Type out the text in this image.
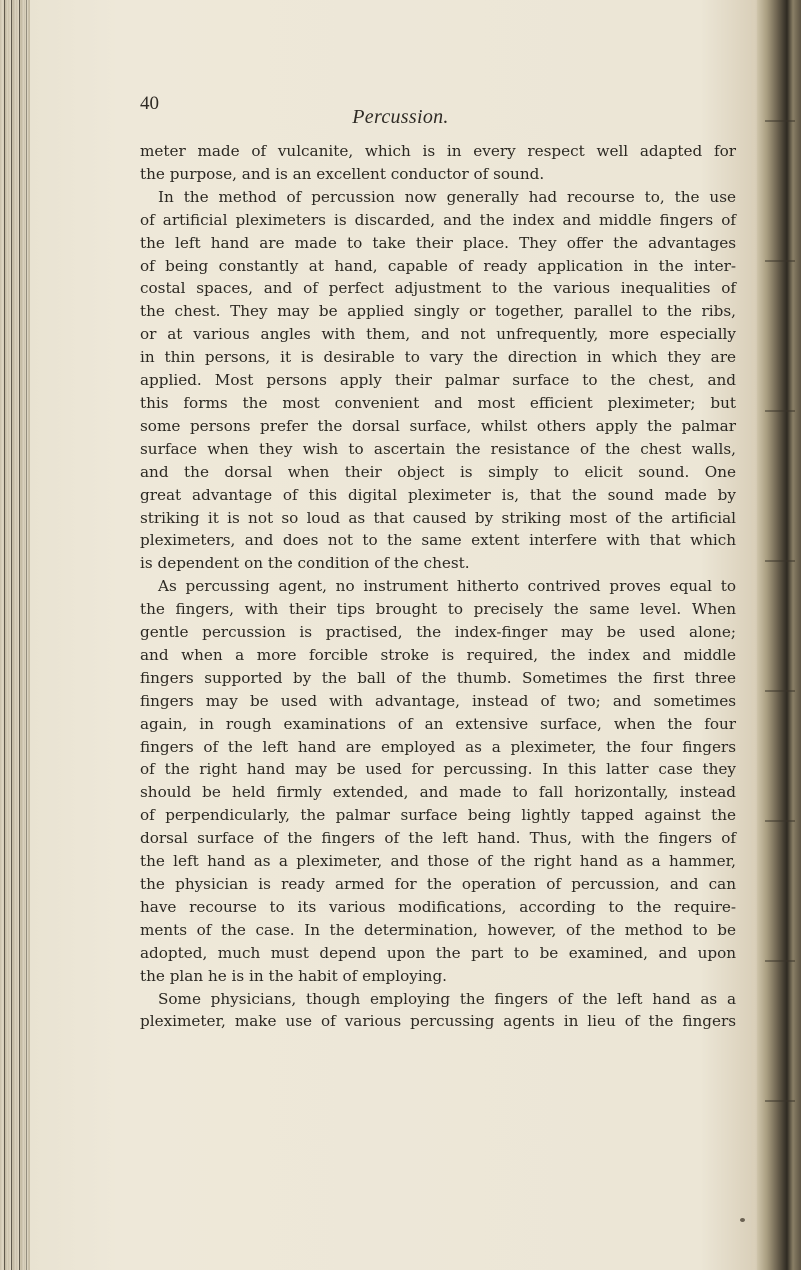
40

Percussion.

meter made of vulcanite, which is in every respect well adapted for
the purpose, and is an excellent conductor of sound.
In the method of percussion now generally had recourse to, the use
of artificial pleximeters is discarded, and the index and middle fingers of
the left hand are made to take their place. They offer the advantages
of being constantly at hand, capable of ready application in the inter-
costal spaces, and of perfect adjustment to the various inequalities of
the chest. They may be applied singly or together, parallel to the ribs,
or at various angles with them, and not unfrequently, more especially
in thin persons, it is desirable to vary the direction in which they are
applied. Most persons apply their palmar surface to the chest, and
this forms the most convenient and most efficient pleximeter; but
some persons prefer the dorsal surface, whilst others apply the palmar
surface when they wish to ascertain the resistance of the chest walls,
and the dorsal when their object is simply to elicit sound. One
great advantage of this digital pleximeter is, that the sound made by
striking it is not so loud as that caused by striking most of the artificial
pleximeters, and does not to the same extent interfere with that which
is dependent on the condition of the chest.
As percussing agent, no instrument hitherto contrived proves equal to
the fingers, with their tips brought to precisely the same level. When
gentle percussion is practised, the index-finger may be used alone;
and when a more forcible stroke is required, the index and middle
fingers supported by the ball of the thumb. Sometimes the first three
fingers may be used with advantage, instead of two; and sometimes
again, in rough examinations of an extensive surface, when the four
fingers of the left hand are employed as a pleximeter, the four fingers
of the right hand may be used for percussing. In this latter case they
should be held firmly extended, and made to fall horizontally, instead
of perpendicularly, the palmar surface being lightly tapped against the
dorsal surface of the fingers of the left hand. Thus, with the fingers of
the left hand as a pleximeter, and those of the right hand as a hammer,
the physician is ready armed for the operation of percussion, and can
have recourse to its various modifications, according to the require-
ments of the case. In the determination, however, of the method to be
adopted, much must depend upon the part to be examined, and upon
the plan he is in the habit of employing.
Some physicians, though employing the fingers of the left hand as a
pleximeter, make use of various percussing agents in lieu of the fingers
